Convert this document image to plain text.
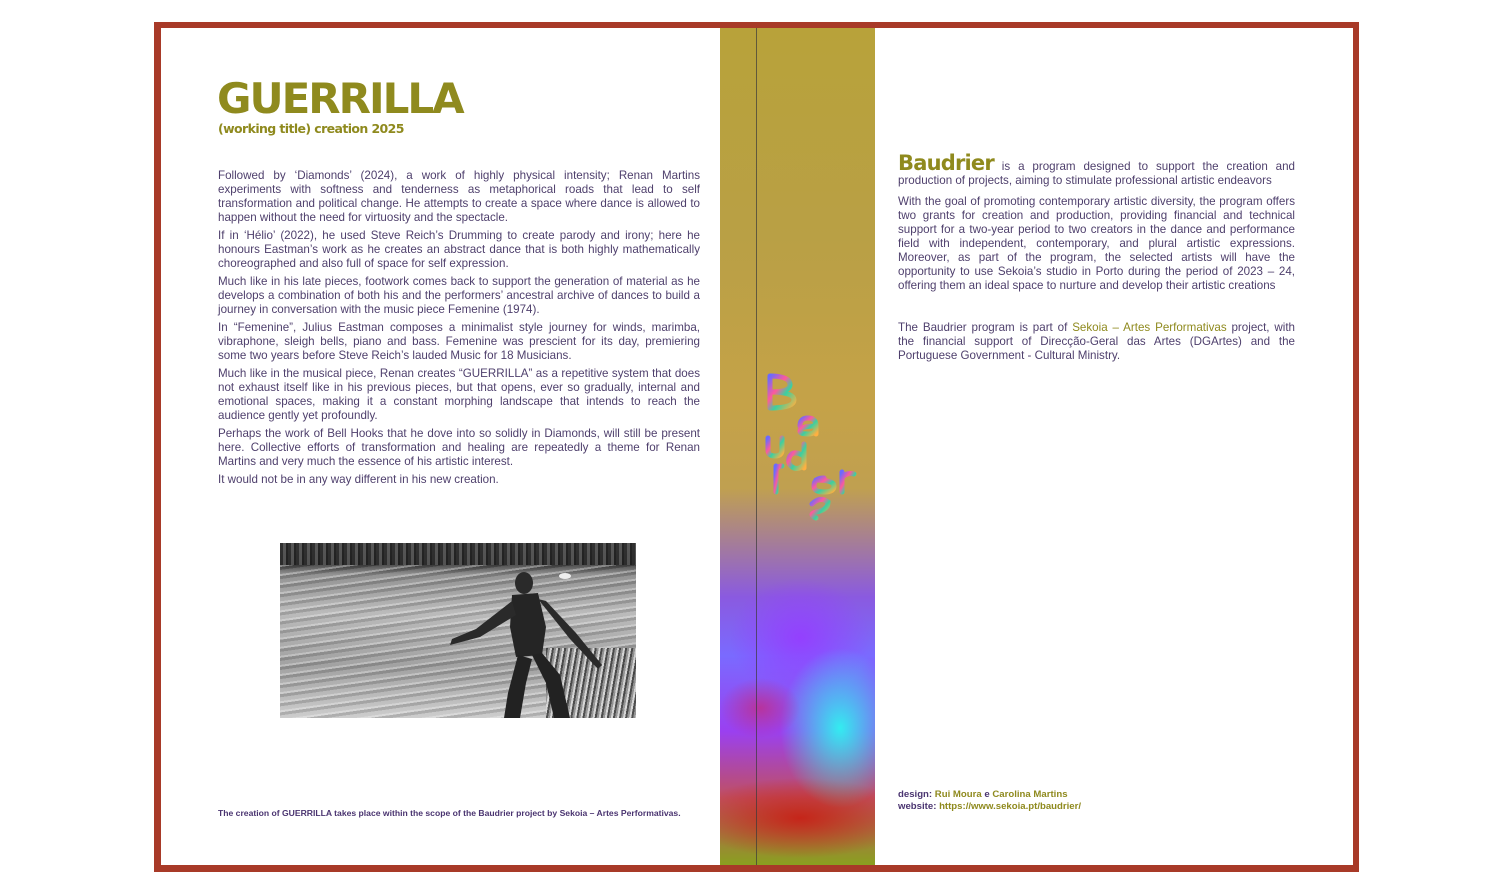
GUERRILLA
(working title) creation 2025

Followed by ‘Diamonds’ (2024), a work of highly physical intensity; Renan Martins experiments with softness and tenderness as metaphorical roads that lead to self transformation and political change. He attempts to create a space where dance is allowed to happen without the need for virtuosity and the spectacle.

If in ‘Hélio’ (2022), he used Steve Reich’s Drumming to create parody and irony; here he honours Eastman’s work as he creates an abstract dance that is both highly mathematically choreographed and also full of space for self expression.

Much like in his late pieces, footwork comes back to support the generation of material as he develops a combination of both his and the performers’ ancestral archive of dances to build a journey in conversation with the music piece Femenine (1974).

In “Femenine”, Julius Eastman composes a minimalist style journey for winds, marimba, vibraphone, sleigh bells, piano and bass. Femenine was prescient for its day, premiering some two years before Steve Reich’s lauded Music for 18 Musicians.

Much like in the musical piece, Renan creates “GUERRILLA” as a repetitive system that does not exhaust itself like in his previous pieces, but that opens, ever so gradually, internal and emotional spaces, making it a constant morphing landscape that intends to reach the audience gently yet profoundly.

Perhaps the work of Bell Hooks that he dove into so solidly in Diamonds, will still be present here. Collective efforts of transformation and healing are repeatedly a theme for Renan Martins and very much the essence of his artistic interest.

It would not be in any way different in his new creation.

The creation of GUERRILLA takes place within the scope of the Baudrier project by Sekoia – Artes Performativas.
Baudrier

Baudrier is a program designed to support the creation and production of projects, aiming to stimulate professional artistic endeavors

With the goal of promoting contemporary artistic diversity, the program offers two grants for creation and production, providing financial and technical support for a two-year period to two creators in the dance and performance field with independent, contemporary, and plural artistic expressions. Moreover, as part of the program, the selected artists will have the opportunity to use Sekoia’s studio in Porto during the period of 2023 – 24, offering them an ideal space to nurture and develop their artistic creations

The Baudrier program is part of Sekoia – Artes Performativas project, with the financial support of Direcção-Geral das Artes (DGArtes) and the Portuguese Government - Cultural Ministry.

design: Rui Moura e Carolina Martins
website: https://www.sekoia.pt/baudrier/
